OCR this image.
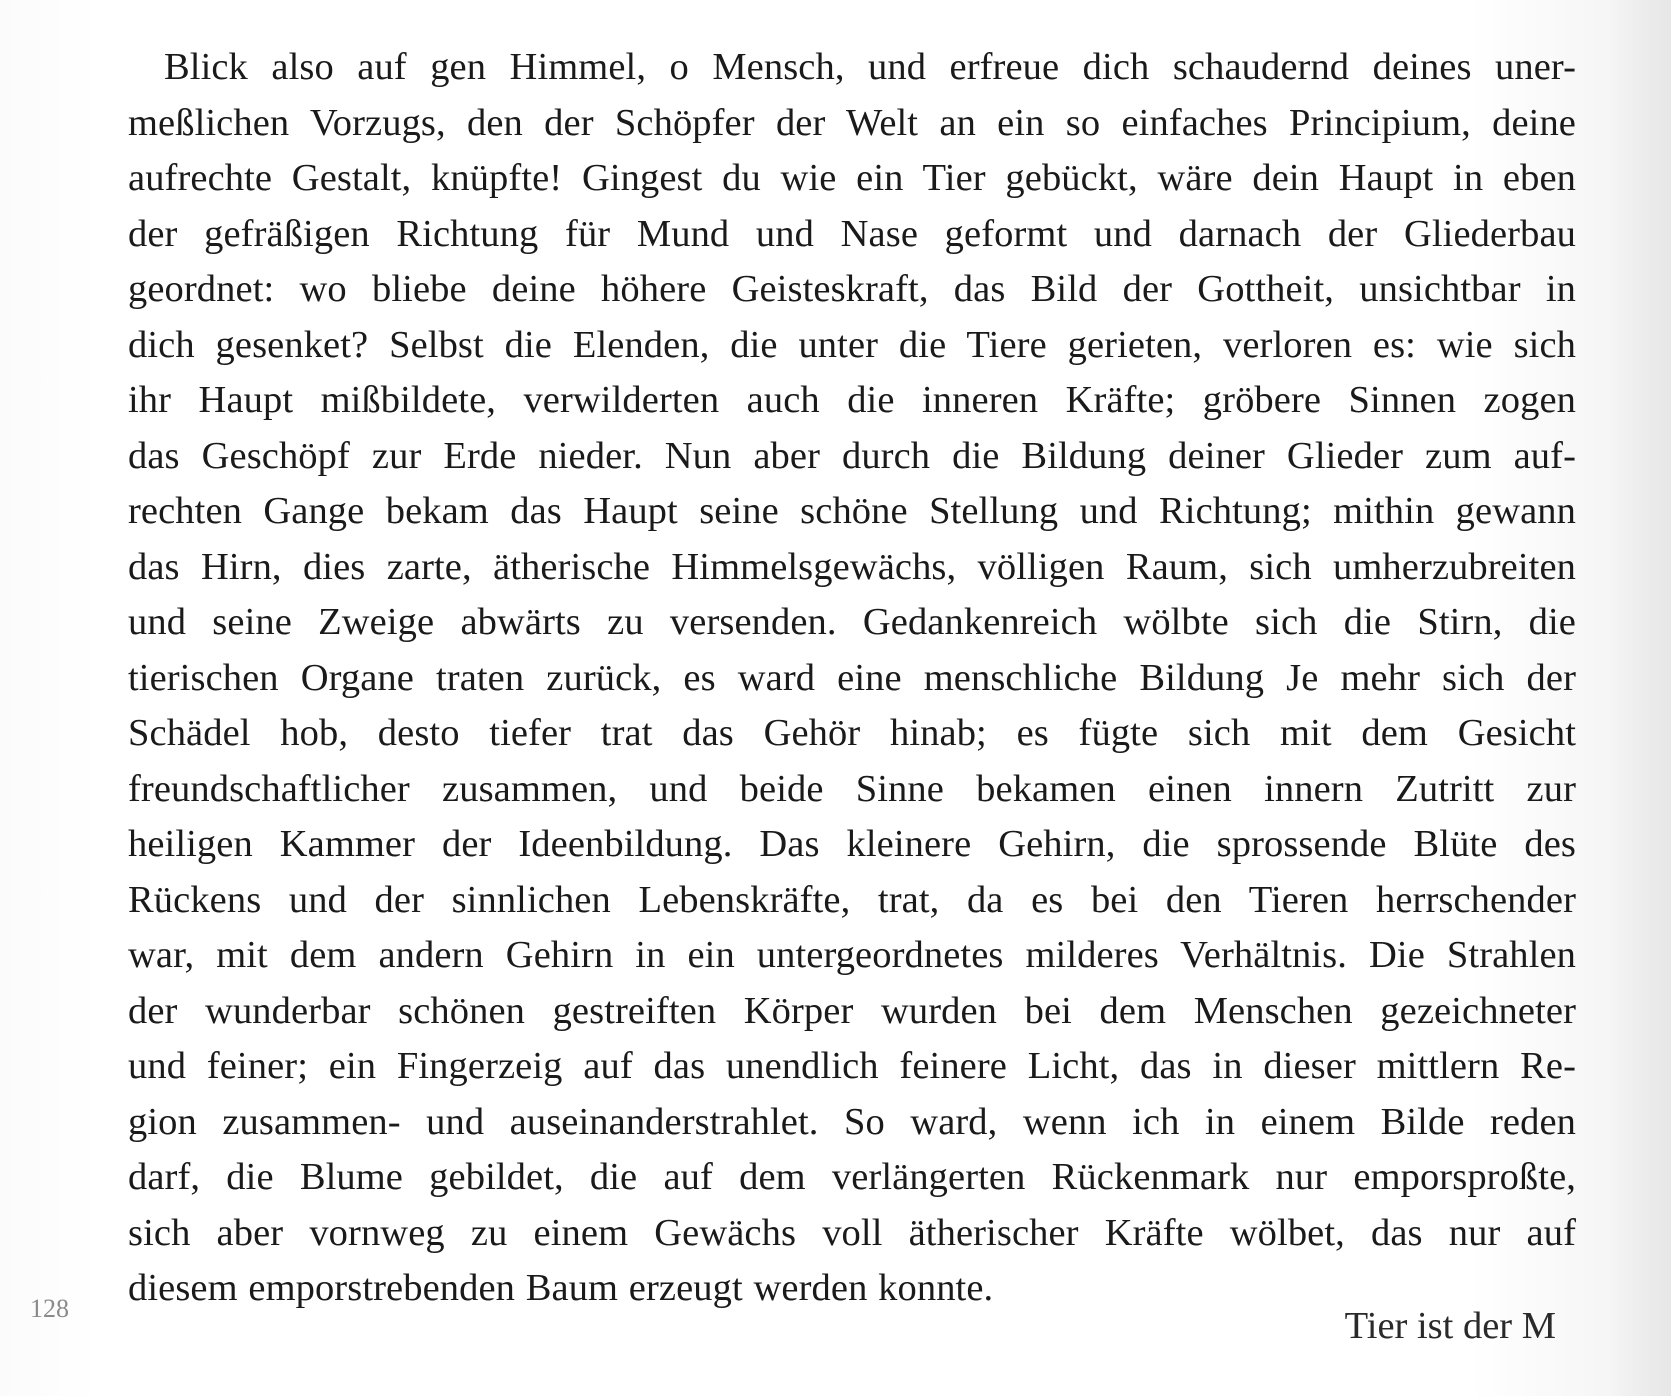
Blick also auf gen Himmel, o Mensch, und erfreue dich schaudernd deines uner-
meßlichen Vorzugs, den der Schöpfer der Welt an ein so einfaches Principium, deine
aufrechte Gestalt, knüpfte! Gingest du wie ein Tier gebückt, wäre dein Haupt in eben
der gefräßigen Richtung für Mund und Nase geformt und darnach der Gliederbau
geordnet: wo bliebe deine höhere Geisteskraft, das Bild der Gottheit, unsichtbar in
dich gesenket? Selbst die Elenden, die unter die Tiere gerieten, verloren es: wie sich
ihr Haupt mißbildete, verwilderten auch die inneren Kräfte; gröbere Sinnen zogen
das Geschöpf zur Erde nieder. Nun aber durch die Bildung deiner Glieder zum auf-
rechten Gange bekam das Haupt seine schöne Stellung und Richtung; mithin gewann
das Hirn, dies zarte, ätherische Himmelsgewächs, völligen Raum, sich umherzubreiten
und seine Zweige abwärts zu versenden. Gedankenreich wölbte sich die Stirn, die
tierischen Organe traten zurück, es ward eine menschliche Bildung Je mehr sich der
Schädel hob, desto tiefer trat das Gehör hinab; es fügte sich mit dem Gesicht
freundschaftlicher zusammen, und beide Sinne bekamen einen innern Zutritt zur
heiligen Kammer der Ideenbildung. Das kleinere Gehirn, die sprossende Blüte des
Rückens und der sinnlichen Lebenskräfte, trat, da es bei den Tieren herrschender
war, mit dem andern Gehirn in ein untergeordnetes milderes Verhältnis. Die Strahlen
der wunderbar schönen gestreiften Körper wurden bei dem Menschen gezeichneter
und feiner; ein Fingerzeig auf das unendlich feinere Licht, das in dieser mittlern Re-
gion zusammen- und auseinanderstrahlet. So ward, wenn ich in einem Bilde reden
darf, die Blume gebildet, die auf dem verlängerten Rückenmark nur emporsproßte,
sich aber vornweg zu einem Gewächs voll ätherischer Kräfte wölbet, das nur auf
diesem emporstrebenden Baum erzeugt werden konnte.
128	Tier ist der M
